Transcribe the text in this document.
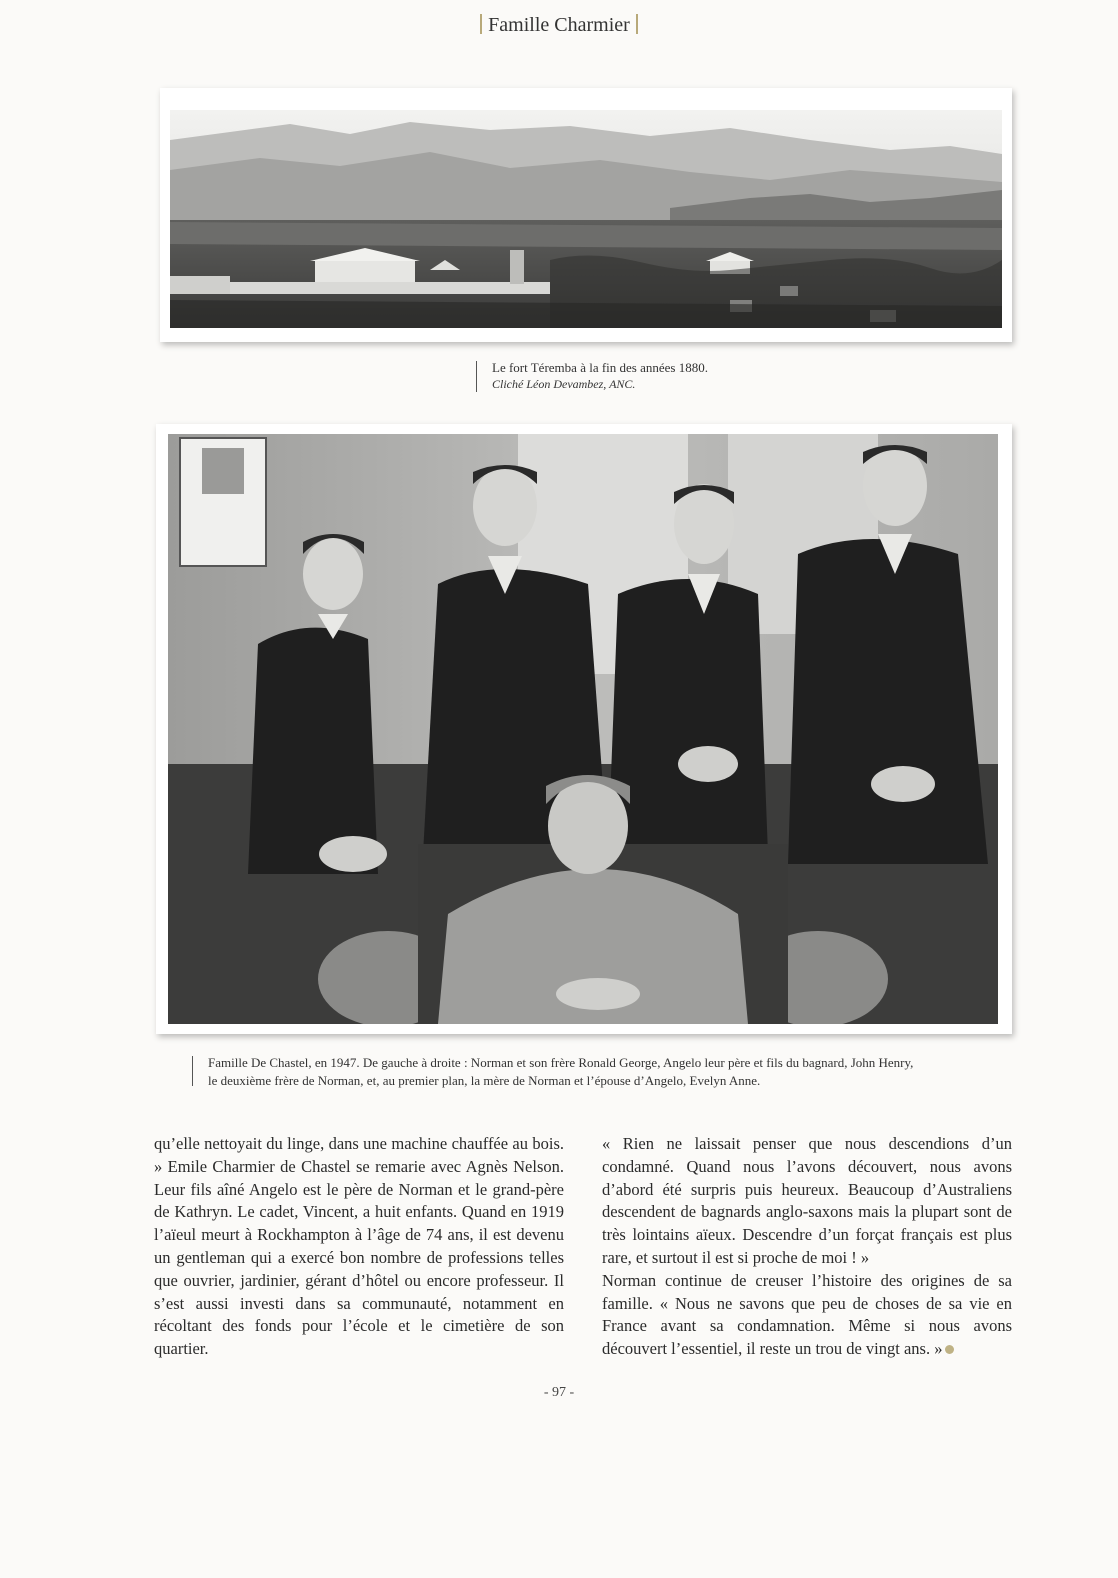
Famille Charmier
Le fort Téremba à la fin des années 1880.
Cliché Léon Devambez, ANC.
Famille De Chastel, en 1947. De gauche à droite : Norman et son frère Ronald George, Angelo leur père et fils du bagnard, John Henry,
le deuxième frère de Norman, et, au premier plan, la mère de Norman et l’épouse d’Angelo, Evelyn Anne.

qu’elle nettoyait du linge, dans une machine chauffée au bois. » Emile Charmier de Chastel se remarie avec Agnès Nelson. Leur fils aîné Angelo est le père de Norman et le grand-père de Kathryn. Le cadet, Vincent, a huit enfants. Quand en 1919 l’aïeul meurt à Rockhampton à l’âge de 74 ans, il est devenu un gentleman qui a exercé bon nombre de professions telles que ouvrier, jardinier, gérant d’hôtel ou encore professeur. Il s’est aussi investi dans sa communauté, notamment en récoltant des fonds pour l’école et le cimetière de son quartier.

« Rien ne laissait penser que nous descendions d’un condamné. Quand nous l’avons découvert, nous avons d’abord été surpris puis heureux. Beaucoup d’Australiens descendent de bagnards anglo-saxons mais la plupart sont de très lointains aïeux. Descendre d’un forçat français est plus rare, et surtout il est si proche de moi ! »

Norman continue de creuser l’histoire des origines de sa famille. « Nous ne savons que peu de choses de sa vie en France avant sa condamnation. Même si nous avons découvert l’essentiel, il reste un trou de vingt ans. »

- 97 -
